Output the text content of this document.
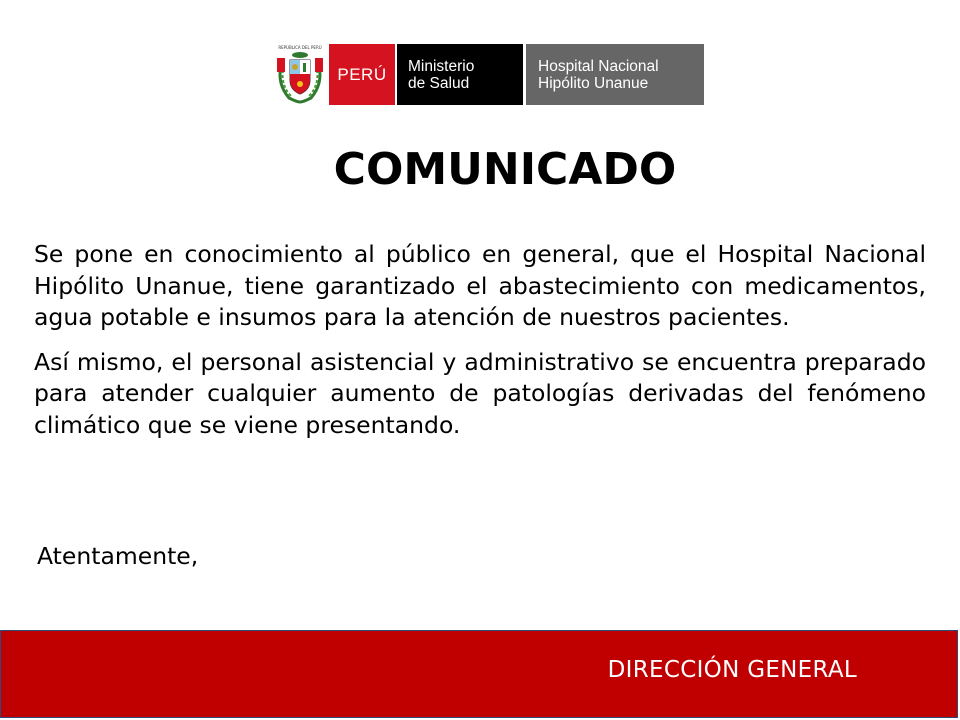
REPÚBLICA DEL PERÚ
PERÚ	Ministerio
de Salud
Hospital Nacional
Hipólito Unanue
COMUNICADO

Se pone en conocimiento al público en general, que el Hospital Nacional Hipólito Unanue, tiene garantizado el abastecimiento con medicamentos, agua potable e insumos para la atención de nuestros pacientes.

Así mismo, el personal asistencial y administrativo se encuentra preparado para atender cualquier aumento de patologías derivadas del fenómeno climático que se viene presentando.

Atentamente,
DIRECCIÓN GENERAL
